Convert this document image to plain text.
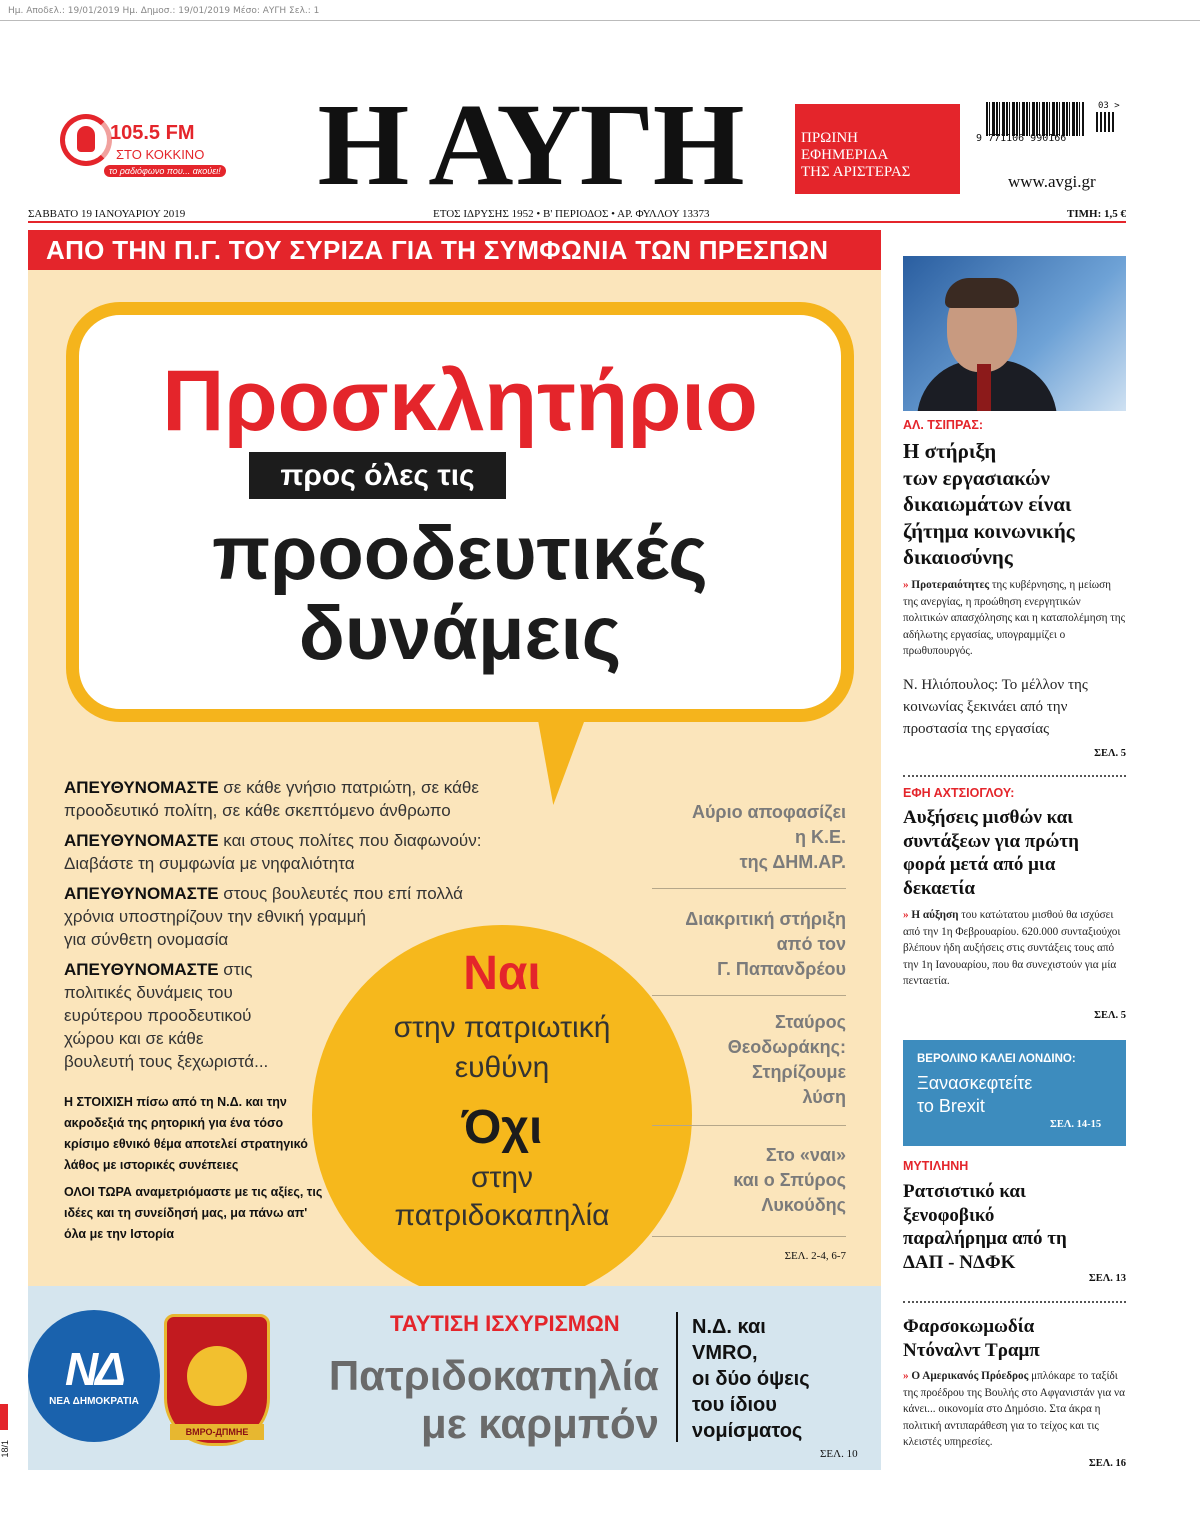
Ημ. Αποδελ.: 19/01/2019 Ημ. Δημοσ.: 19/01/2019 Μέσο: ΑΥΓΗ Σελ.: 1
105.5 FM
ΣΤΟ ΚΟΚΚΙΝΟ
το ραδιόφωνο που... ακούει! Η ΑΥΓΗ	ΠΡΩΙΝΗ
ΕΦΗΜΕΡΙΔΑ
ΤΗΣ ΑΡΙΣΤΕΡΑΣ
9 771106 990166
03 >
www.avgi.gr
ΣΑΒΒΑΤΟ 19 ΙΑΝΟΥΑΡΙΟΥ 2019	ΕΤΟΣ ΙΔΡΥΣΗΣ 1952 • Β' ΠΕΡΙΟΔΟΣ • ΑΡ. ΦΥΛΛΟΥ 13373	ΤΙΜΗ: 1,5 €
ΑΠΟ ΤΗΝ Π.Γ. ΤΟΥ ΣΥΡΙΖΑ ΓΙΑ ΤΗ ΣΥΜΦΩΝΙΑ ΤΩΝ ΠΡΕΣΠΩΝ
Προσκλητήριο
προς όλες τις
προοδευτικές
δυνάμεις
ΑΠΕΥΘΥΝΟΜΑΣΤΕ σε κάθε γνήσιο πατριώτη, σε κάθε
προοδευτικό πολίτη, σε κάθε σκεπτόμενο άνθρωπο
ΑΠΕΥΘΥΝΟΜΑΣΤΕ και στους πολίτες που διαφωνούν:
Διαβάστε τη συμφωνία με νηφαλιότητα
ΑΠΕΥΘΥΝΟΜΑΣΤΕ στους βουλευτές που επί πολλά
χρόνια υποστηρίζουν την εθνική γραμμή
για σύνθετη ονομασία
ΑΠΕΥΘΥΝΟΜΑΣΤΕ στις
πολιτικές δυνάμεις του
ευρύτερου προοδευτικού
χώρου και σε κάθε
βουλευτή τους ξεχωριστά...
Η ΣΤΟΙΧΙΣΗ πίσω από τη Ν.Δ. και την ακροδεξιά της ρητορική για ένα τόσο κρίσιμο εθνικό θέμα αποτελεί στρατηγικό λάθος με ιστορικές συνέπειες
ΟΛΟΙ ΤΩΡΑ αναμετριόμαστε με τις αξίες, τις ιδέες και τη συνείδησή μας, μα πάνω απ' όλα με την Ιστορία
Ναι
στην πατριωτική
ευθύνη
Όχι
στην
πατριδοκαπηλία
Αύριο αποφασίζει
η Κ.Ε.
της ΔΗΜ.ΑΡ.
Διακριτική στήριξη
από τον
Γ. Παπανδρέου
Σταύρος
Θεοδωράκης:
Στηρίζουμε
λύση
Στο «ναι»
και ο Σπύρος
Λυκούδης
ΣΕΛ. 2-4, 6-7
ΝΔ
ΝΕΑ ΔΗΜΟΚΡΑΤΙΑ
ВМРО-ДПМНЕ
ΤΑΥΤΙΣΗ ΙΣΧΥΡΙΣΜΩΝ
Πατριδοκαπηλία
με καρμπόν
Ν.Δ. και
VMRO,
οι δύο όψεις
του ίδιου
νομίσματος
ΣΕΛ. 10
ΑΛ. ΤΣΙΠΡΑΣ:
Η στήριξη
των εργασιακών
δικαιωμάτων είναι
ζήτημα κοινωνικής
δικαιοσύνης
» Προτεραιότητες της κυβέρνησης, η μείωση της ανεργίας, η προώθηση ενεργητικών πολιτικών απασχόλησης και η καταπολέμηση της αδήλωτης εργασίας, υπογραμμίζει ο πρωθυπουργός.
Ν. Ηλιόπουλος: Το μέλλον της κοινωνίας ξεκινάει από την προστασία της εργασίας
ΣΕΛ. 5
ΕΦΗ ΑΧΤΣΙΟΓΛΟΥ:
Αυξήσεις μισθών και
συντάξεων για πρώτη
φορά μετά από μια
δεκαετία
» Η αύξηση του κατώτατου μισθού θα ισχύσει από την 1η Φεβρουαρίου. 620.000 συνταξιούχοι βλέπουν ήδη αυξήσεις στις συντάξεις τους από την 1η Ιανουαρίου, που θα συνεχιστούν για μία πενταετία.
ΣΕΛ. 5
ΒΕΡΟΛΙΝΟ ΚΑΛΕΙ ΛΟΝΔΙΝΟ:
Ξανασκεφτείτε
το Brexit
ΣΕΛ. 14-15
ΜΥΤΙΛΗΝΗ
Ρατσιστικό και
ξενοφοβικό
παραλήρημα από τη
ΔΑΠ - ΝΔΦΚ
ΣΕΛ. 13
Φαρσοκωμωδία
Ντόναλντ Τραμπ
» Ο Αμερικανός Πρόεδρος μπλόκαρε το ταξίδι της προέδρου της Βουλής στο Αφγανιστάν για να κάνει... οικονομία στο Δημόσιο. Στα άκρα η πολιτική αντιπαράθεση για το τείχος και τις κλειστές υπηρεσίες.
ΣΕΛ. 16
18/1
